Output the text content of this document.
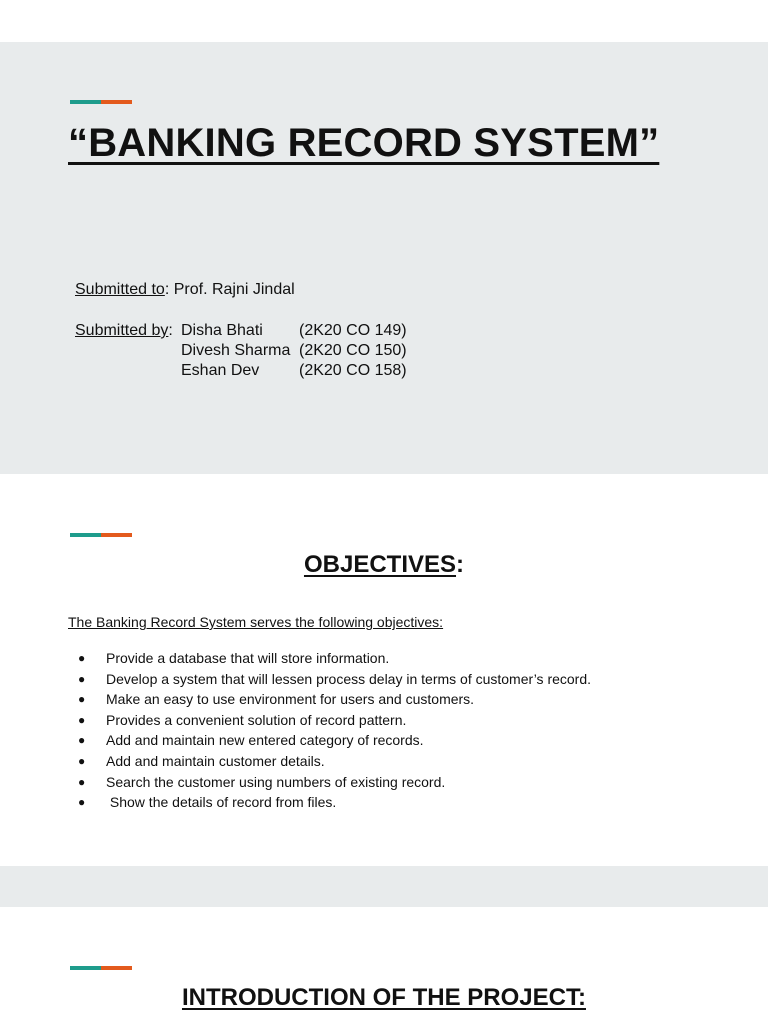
“BANKING RECORD SYSTEM”
Submitted to: Prof. Rajni Jindal
Submitted by: Disha Bhati (2K20 CO 149)
Divesh Sharma (2K20 CO 150)
Eshan Dev (2K20 CO 158)
OBJECTIVES:

The Banking Record System serves the following objectives:

●	Provide a database that will store information.
●	Develop a system that will lessen process delay in terms of customer’s record.
●	Make an easy to use environment for users and customers.
●	Provides a convenient solution of record pattern.
●	Add and maintain new entered category of records.
●	Add and maintain customer details.
●	Search the customer using numbers of existing record.
●	Show the details of record from files.
INTRODUCTION OF THE PROJECT:
